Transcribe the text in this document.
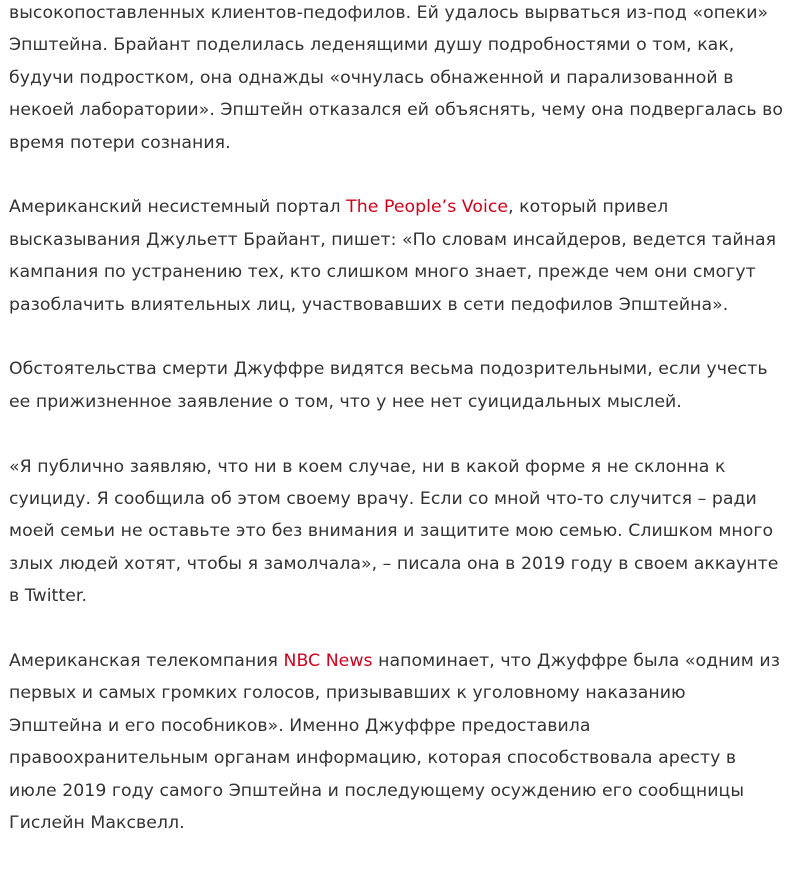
высокопоставленных клиентов-педофилов. Ей удалось вырваться из-под «опеки» Эпштейна. Брайант поделилась леденящими душу подробностями о том, как, будучи подростком, она однажды «очнулась обнаженной и парализованной в некоей лаборатории». Эпштейн отказался ей объяснять, чему она подвергалась во время потери сознания.

Американский несистемный портал The People’s Voice, который привел высказывания Джульетт Брайант, пишет: «По словам инсайдеров, ведется тайная кампания по устранению тех, кто слишком много знает, прежде чем они смогут разоблачить влиятельных лиц, участвовавших в сети педофилов Эпштейна».

Обстоятельства смерти Джуффре видятся весьма подозрительными, если учесть ее прижизненное заявление о том, что у нее нет суицидальных мыслей.

«Я публично заявляю, что ни в коем случае, ни в какой форме я не склонна к суициду. Я сообщила об этом своему врачу. Если со мной что-то случится – ради моей семьи не оставьте это без внимания и защитите мою семью. Слишком много злых людей хотят, чтобы я замолчала», – писала она в 2019 году в своем аккаунте в Twitter.

Американская телекомпания NBC News напоминает, что Джуффре была «одним из первых и самых громких голосов, призывавших к уголовному наказанию Эпштейна и его пособников». Именно Джуффре предоставила правоохранительным органам информацию, которая способствовала аресту в июле 2019 году самого Эпштейна и последующему осуждению его сообщницы Гислейн Максвелл.
